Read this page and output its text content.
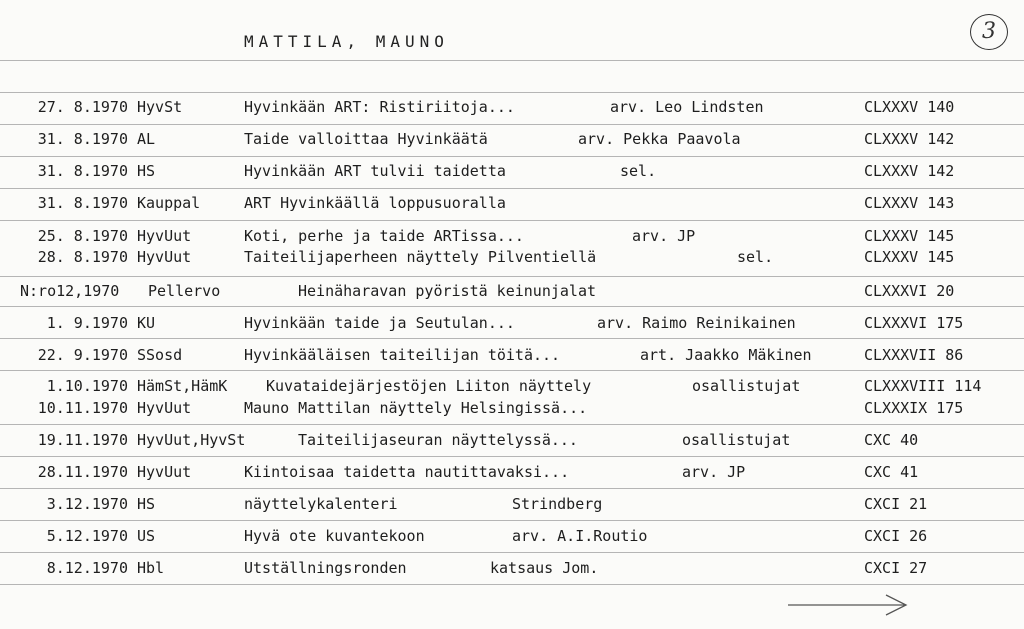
MATTILA, MAUNO	3
27. 8.1970 HyvSt	Hyvinkään ART: Ristiriitoja...	arv. Leo Lindsten	CLXXXV 140
31. 8.1970 AL	Taide valloittaa Hyvinkäätä	arv. Pekka Paavola	CLXXXV 142
31. 8.1970 HS	Hyvinkään ART tulvii taidetta	sel.	CLXXXV 142
31. 8.1970 Kauppal	ART Hyvinkäällä loppusuoralla	CLXXXV 143
25. 8.1970 HyvUut	Koti, perhe ja taide ARTissa...	arv. JP	CLXXXV 145
28. 8.1970 HyvUut	Taiteilijaperheen näyttely Pilventiellä	sel.	CLXXXV 145
N:ro12,1970 Pellervo	Heinäharavan pyöristä keinunjalat	CLXXXVI 20
1. 9.1970 KU	Hyvinkään taide ja Seutulan...	arv. Raimo Reinikainen	CLXXXVI 175
22. 9.1970 SSosd	Hyvinkääläisen taiteilijan töitä...	art. Jaakko Mäkinen	CLXXXVII 86
1.10.1970 HämSt,HämK	Kuvataidejärjestöjen Liiton näyttely	osallistujat	CLXXXVIII 114
10.11.1970 HyvUut	Mauno Mattilan näyttely Helsingissä...	CLXXXIX 175
19.11.1970 HyvUut,HyvSt	Taiteilijaseuran näyttelyssä...	osallistujat	CXC 40
28.11.1970 HyvUut	Kiintoisaa taidetta nautittavaksi...	arv. JP	CXC 41
3.12.1970 HS	näyttelykalenteri	Strindberg	CXCI 21
5.12.1970 US	Hyvä ote kuvantekoon	arv. A.I.Routio	CXCI 26
8.12.1970 Hbl	Utställningsronden	katsaus Jom.	CXCI 27
